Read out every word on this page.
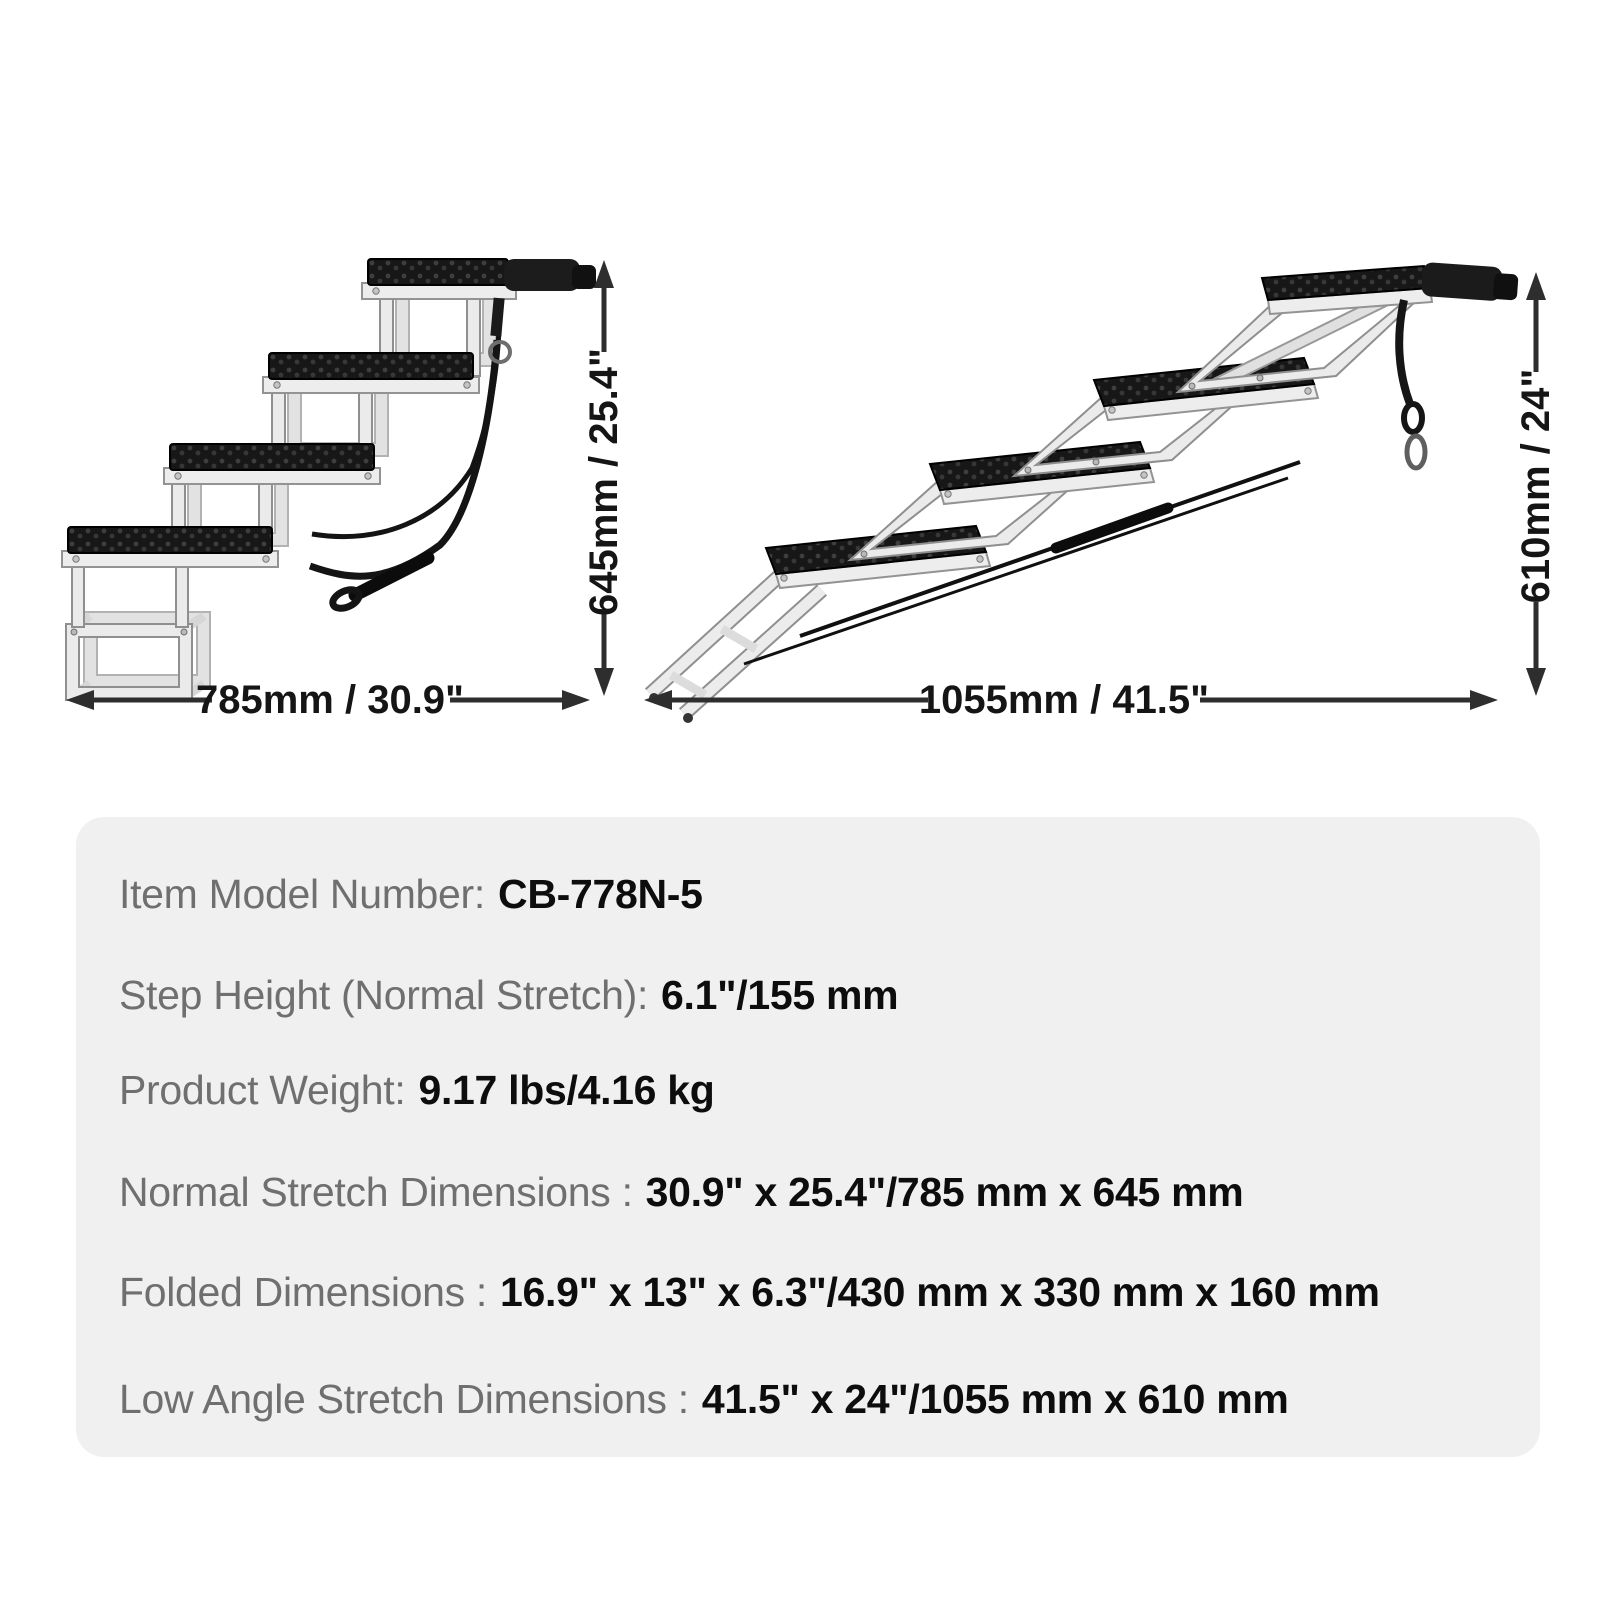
785mm / 30.9"
645mm / 25.4"
1055mm / 41.5"
610mm / 24"
Item Model Number: CB-778N-5
Step Height (Normal Stretch): 6.1"/155 mm
Product Weight: 9.17 lbs/4.16 kg
Normal Stretch Dimensions : 30.9" x 25.4"/785 mm x 645 mm
Folded Dimensions : 16.9" x 13" x 6.3"/430 mm x 330 mm x 160 mm
Low Angle Stretch Dimensions : 41.5" x 24"/1055 mm x 610 mm
